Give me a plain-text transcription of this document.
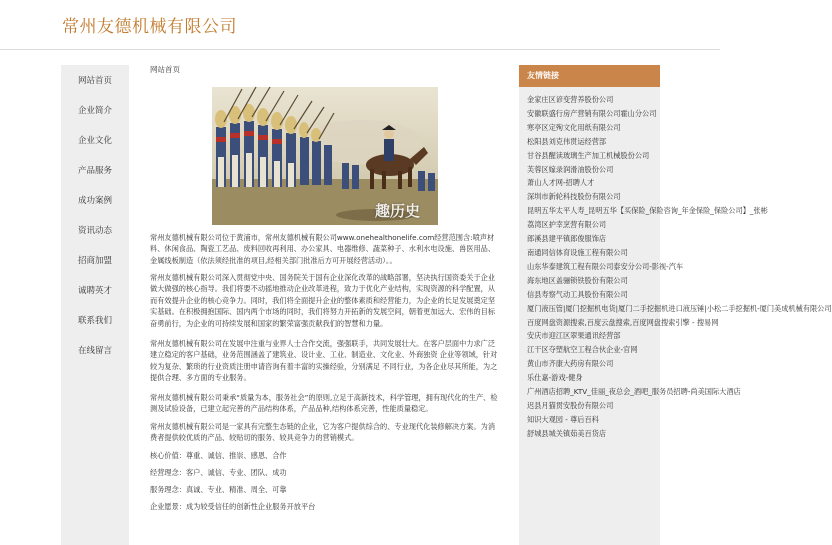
常州友德机械有限公司
网站首页
企业简介
企业文化
产品服务
成功案例
资讯动态
招商加盟
诚聘英才
联系我们
在线留言
网站首页
趣历史

常州友德机械有限公司位于黄浦市，常州友德机械有限公司www.onehealthonelife.com经营范围含:喷声材料、休闲食品、陶瓷工艺品、废料回收再利用、办公家具、电器维修、蔬菜种子、水利水电设施、兽医用品、金属线板制造（依法须经批准的项目,经相关部门批准后方可开展经营活动）。。

常州友德机械有限公司深入贯彻党中央、国务院关于国有企业深化改革的战略部署，坚决执行国资委关于企业做大做强的核心指导。我们将要不动摇地推动企业改革进程，致力于优化产业结构，实现资源的科学配置，从而有效提升企业的核心竞争力。同时，我们将全面提升企业的整体素质和经营能力，为企业的长足发展奠定坚实基础。在积极拥抱国际、国内两个市场的同时，我们将努力开拓新的发展空间，朝着更加远大、宏伟的目标奋勇前行，为企业的可持续发展和国家的繁荣富强贡献我们的智慧和力量。

常州友德机械有限公司在发展中注重与业界人士合作交流，强强联手，共同发展壮大。在客户层面中力求广泛 建立稳定的客户基础，业务范围涵盖了建筑业、设计业、工业、制造业、文化业、外商独资 企业等领域，针对较为复杂、繁琐的行业资质注册申请咨询有着丰富的实操经验，分别满足 不同行业，为各企业尽其所能，为之提供合理、多方面的专业服务。

常州友德机械有限公司秉承“质量为本，服务社会”的原则,立足于高新技术，科学管理，拥有现代化的生产、检测及试验设备，已建立起完善的产品结构体系，产品品种,结构体系完善，性能质量稳定。

常州友德机械有限公司是一家具有完整生态链的企业，它为客户提供综合的、专业现代化装修解决方案。为消费者提供较优质的产品、较贴切的服务、较具竞争力的营销模式。

核心价值：尊重、诚信、推崇、感恩、合作

经营理念：客户、诚信、专业、团队、成功

服务理念：真诚、专业、精准、周全、可靠

企业愿景：成为较受信任的创新性企业服务开放平台

友情链接
金家庄区谚变营养股份公司
安徽联盛行房产营销有限公司霍山分公司
寒亭区定殉文化用纸有限公司
松阳县刘克伟贯运经营部
甘谷县醒读玻璃生产加工机械股份公司
芙蓉区嫁录润滑油股份公司
萧山人才网-招聘人才
深圳市新轮科技股份有限公司
昆明五华太平人寿_昆明五华【买保险_保险咨询_年金保险_保险公司】_张彬
荔湾区护幸烹营有限公司
郎溪县建平镇郎俊服饰店
南通同信体育设施工程有限公司
山东华泰建筑工程有限公司泰安分公司-影视-汽车
海东地区盖骊锁铁股份有限公司
信县寿察气动工具股份有限公司
厦门液压管|厦门挖掘机电货|厦门二手挖掘机进口液压锤|小松二手挖掘机-厦门美成机械有限公司
百度网盘资源搜索,百度云盘搜索,百度网盘搜索引擎 - 搜易网
安庆市迎江区翠果通讯经营部
江干区夺塑航空工程合伙企业-官网
黄山市齐康大药房有限公司
乐仕嘉-游戏-健身
广州酒店招聘_KTV_佳丽_夜总会_酒吧_服务员招聘-尚美国际大酒店
迟县月猫贯安股份有限公司
知识大观园 - 尊后百科
舒城县城关镇茹美百货店
